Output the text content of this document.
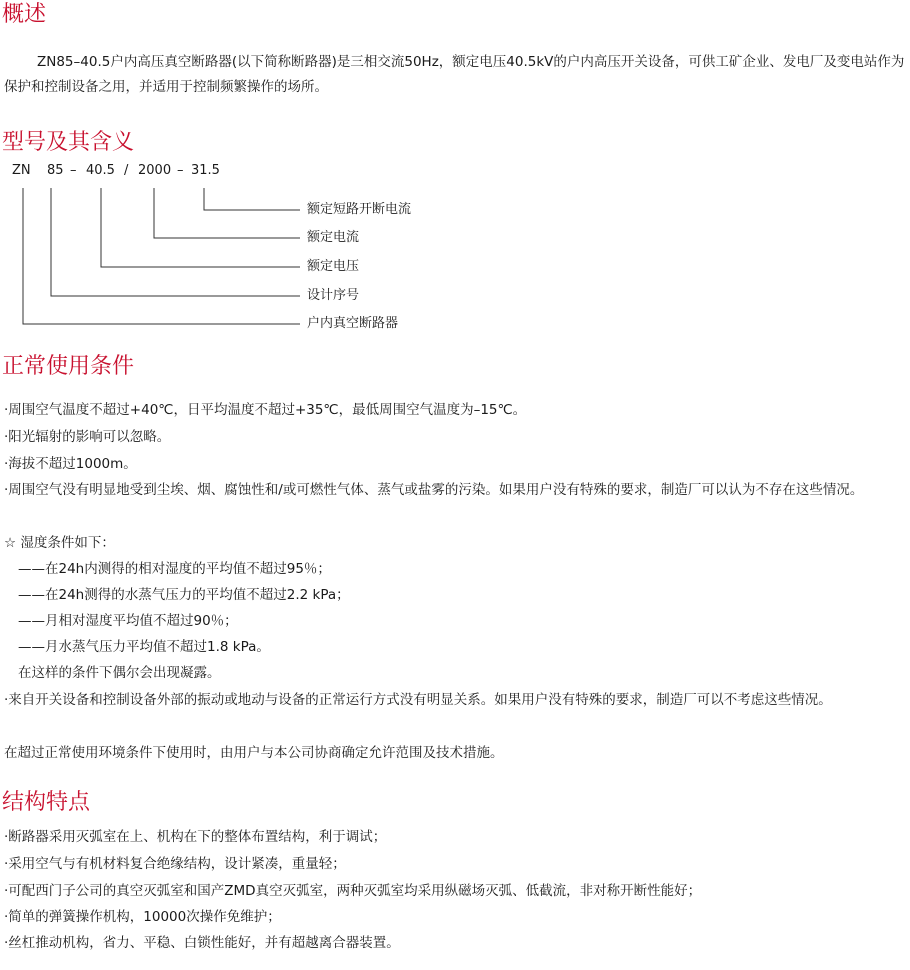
概述

ZN85–40.5户内高压真空断路器(以下简称断路器)是三相交流50Hz，额定电压40.5kV的户内高压开关设备，可供工矿企业、发电厂及变电站作为保护和控制设备之用，并适用于控制频繁操作的场所。

型号及其含义
ZN 85 – 40.5 / 2000 – 31.5
额定短路开断电流
额定电流
额定电压
设计序号
户内真空断路器
正常使用条件

·周围空气温度不超过+40℃，日平均温度不超过+35℃，最低周围空气温度为–15℃。

·阳光辐射的影响可以忽略。

·海拔不超过1000m。

·周围空气没有明显地受到尘埃、烟、腐蚀性和/或可燃性气体、蒸气或盐雾的污染。如果用户没有特殊的要求，制造厂可以认为不存在这些情况。

☆ 湿度条件如下：

——在24h内测得的相对湿度的平均值不超过95％；

——在24h测得的水蒸气压力的平均值不超过2.2 kPa；

——月相对湿度平均值不超过90％；

——月水蒸气压力平均值不超过1.8 kPa。

在这样的条件下偶尔会出现凝露。

·来自开关设备和控制设备外部的振动或地动与设备的正常运行方式没有明显关系。如果用户没有特殊的要求，制造厂可以不考虑这些情况。

在超过正常使用环境条件下使用时，由用户与本公司协商确定允许范围及技术措施。

结构特点

·断路器采用灭弧室在上、机构在下的整体布置结构，利于调试；

·采用空气与有机材料复合绝缘结构，设计紧凑，重量轻；

·可配西门子公司的真空灭弧室和国产ZMD真空灭弧室，两种灭弧室均采用纵磁场灭弧、低截流，非对称开断性能好；

·简单的弹簧操作机构，10000次操作免维护；

·丝杠推动机构，省力、平稳、白锁性能好，并有超越离合器装置。
